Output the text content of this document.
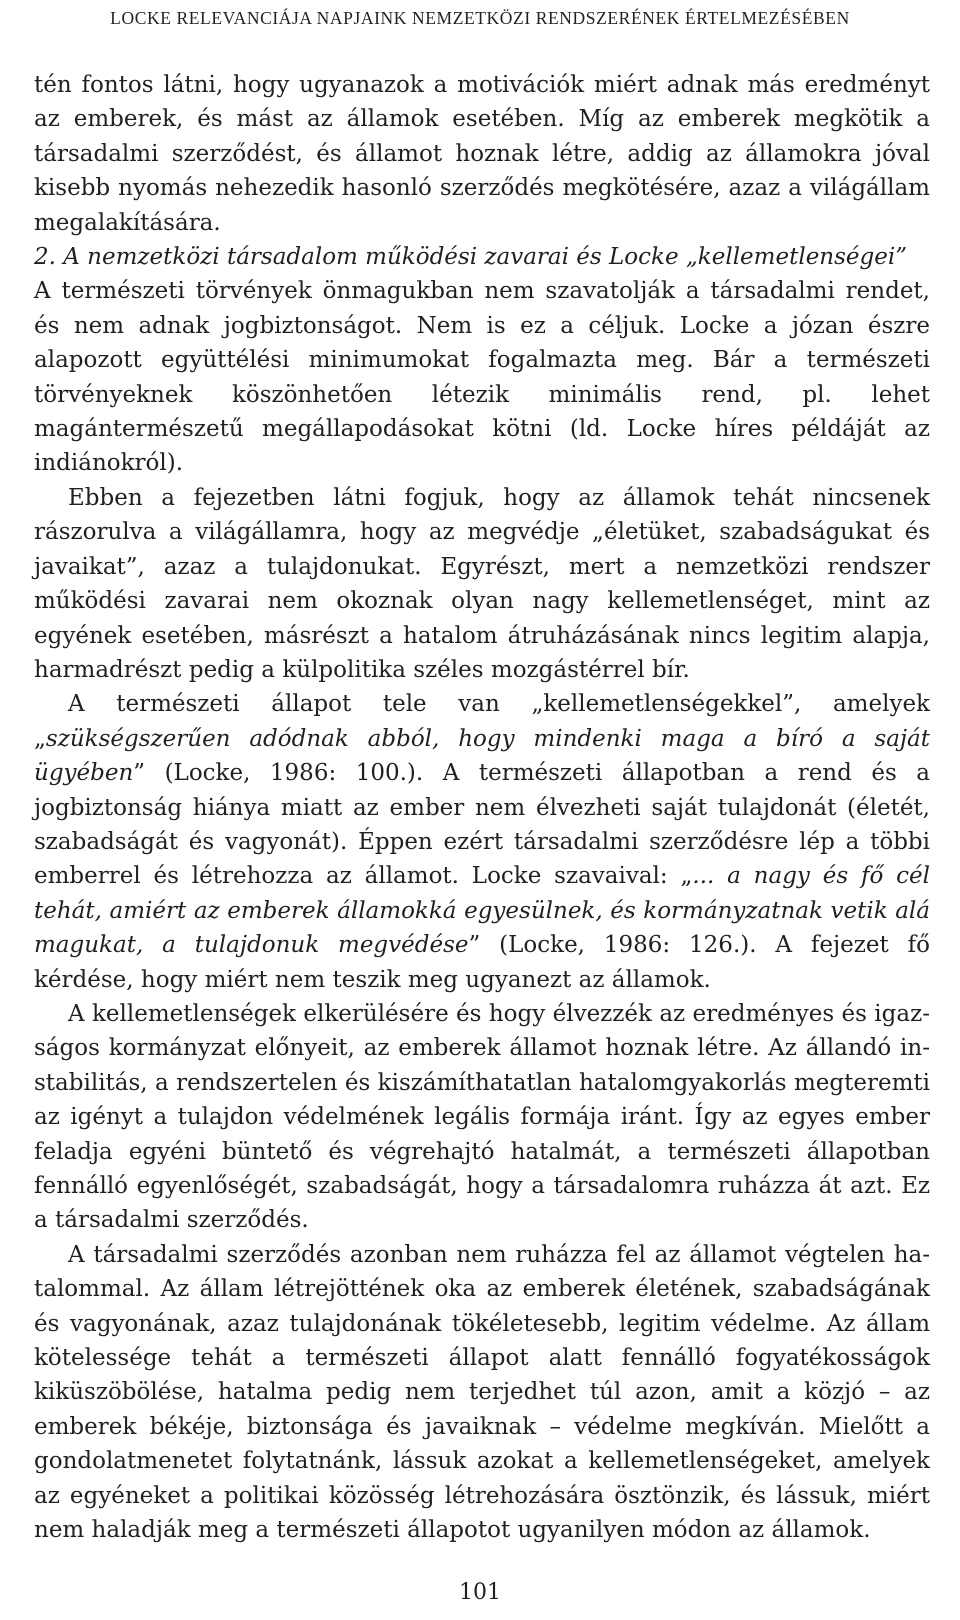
LOCKE RELEVANCIÁJA NAPJAINK NEMZETKÖZI RENDSZERÉNEK ÉRTELMEZÉSÉBEN

tén fontos látni, hogy ugyanazok a motivációk miért adnak más eredményt az emberek, és mást az államok esetében. Míg az emberek megkötik a társadalmi szerződést, és államot hoznak létre, addig az államokra jóval kisebb nyomás nehezedik hasonló szerződés megkötésére, azaz a világállam megalakítására.

2. A nemzetközi társadalom működési zavarai és Locke „kellemetlenségei”

A természeti törvények önmagukban nem szavatolják a társadalmi rendet, és nem adnak jogbiztonságot. Nem is ez a céljuk. Locke a józan észre alapozott együttélési minimumokat fogalmazta meg. Bár a természeti törvényeknek köszönhetően létezik minimális rend, pl. lehet magántermészetű megállapodásokat kötni (ld. Locke híres példáját az indiánokról).

Ebben a fejezetben látni fogjuk, hogy az államok tehát nincsenek rászorulva a világállamra, hogy az megvédje „életüket, szabadságukat és javaikat”, azaz a tulajdonukat. Egyrészt, mert a nemzetközi rendszer működési zavarai nem okoznak olyan nagy kellemetlenséget, mint az egyének esetében, másrészt a hatalom átruházásának nincs legitim alapja, harmadrészt pedig a külpolitika széles mozgástérrel bír.

A természeti állapot tele van „kellemetlenségekkel”, amelyek „szükségszerűen adódnak abból, hogy mindenki maga a bíró a saját ügyében” (Locke, 1986: 100.). A természeti állapotban a rend és a jogbiztonság hiánya miatt az ember nem élvezheti saját tulajdonát (életét, szabadságát és vagyonát). Éppen ezért társadalmi szerződésre lép a többi emberrel és létrehozza az államot. Locke szavaival: „... a nagy és fő cél tehát, amiért az emberek államokká egyesülnek, és kormányzatnak vetik alá magukat, a tulajdonuk megvédése” (Locke, 1986: 126.). A fejezet fő kérdése, hogy miért nem teszik meg ugyanezt az államok.

A kellemetlenségek elkerülésére és hogy élvezzék az eredményes és igazságos kormányzat előnyeit, az emberek államot hoznak létre. Az állandó instabilitás, a rendszertelen és kiszámíthatatlan hatalomgyakorlás megteremti az igényt a tulajdon védelmének legális formája iránt. Így az egyes ember feladja egyéni büntető és végrehajtó hatalmát, a természeti állapotban fennálló egyenlőségét, szabadságát, hogy a társadalomra ruházza át azt. Ez a társadalmi szerződés.

A társadalmi szerződés azonban nem ruházza fel az államot végtelen hatalommal. Az állam létrejöttének oka az emberek életének, szabadságának és vagyonának, azaz tulajdonának tökéletesebb, legitim védelme. Az állam kötelessége tehát a természeti állapot alatt fennálló fogyatékosságok kiküszöbölése, hatalma pedig nem terjedhet túl azon, amit a közjó – az emberek békéje, biztonsága és javaiknak – védelme megkíván. Mielőtt a gondolatmenetet folytatnánk, lássuk azokat a kellemetlenségeket, amelyek az egyéneket a politikai közösség létrehozására ösztönzik, és lássuk, miért nem haladják meg a természeti állapotot ugyanilyen módon az államok.

101
